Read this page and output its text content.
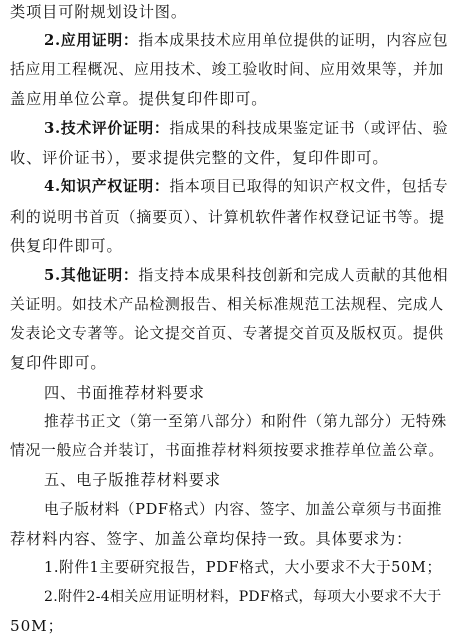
类项目可附规划设计图。
2.应用证明：指本成果技术应用单位提供的证明，内容应包
括应用工程概况、应用技术、竣工验收时间、应用效果等，并加
盖应用单位公章。提供复印件即可。
3.技术评价证明：指成果的科技成果鉴定证书（或评估、验
收、评价证书），要求提供完整的文件，复印件即可。
4.知识产权证明：指本项目已取得的知识产权文件，包括专
利的说明书首页（摘要页）、计算机软件著作权登记证书等。提
供复印件即可。
5.其他证明：指支持本成果科技创新和完成人贡献的其他相
关证明。如技术产品检测报告、相关标准规范工法规程、完成人
发表论文专著等。论文提交首页、专著提交首页及版权页。提供
复印件即可。
四、书面推荐材料要求
推荐书正文（第一至第八部分）和附件（第九部分）无特殊
情况一般应合并装订，书面推荐材料须按要求推荐单位盖公章。
五、电子版推荐材料要求
电子版材料（PDF格式）内容、签字、加盖公章须与书面推
荐材料内容、签字、加盖公章均保持一致。具体要求为：
1.附件1主要研究报告，PDF格式，大小要求不大于50M；
2.附件2-4相关应用证明材料，PDF格式，每项大小要求不大于
50M；
